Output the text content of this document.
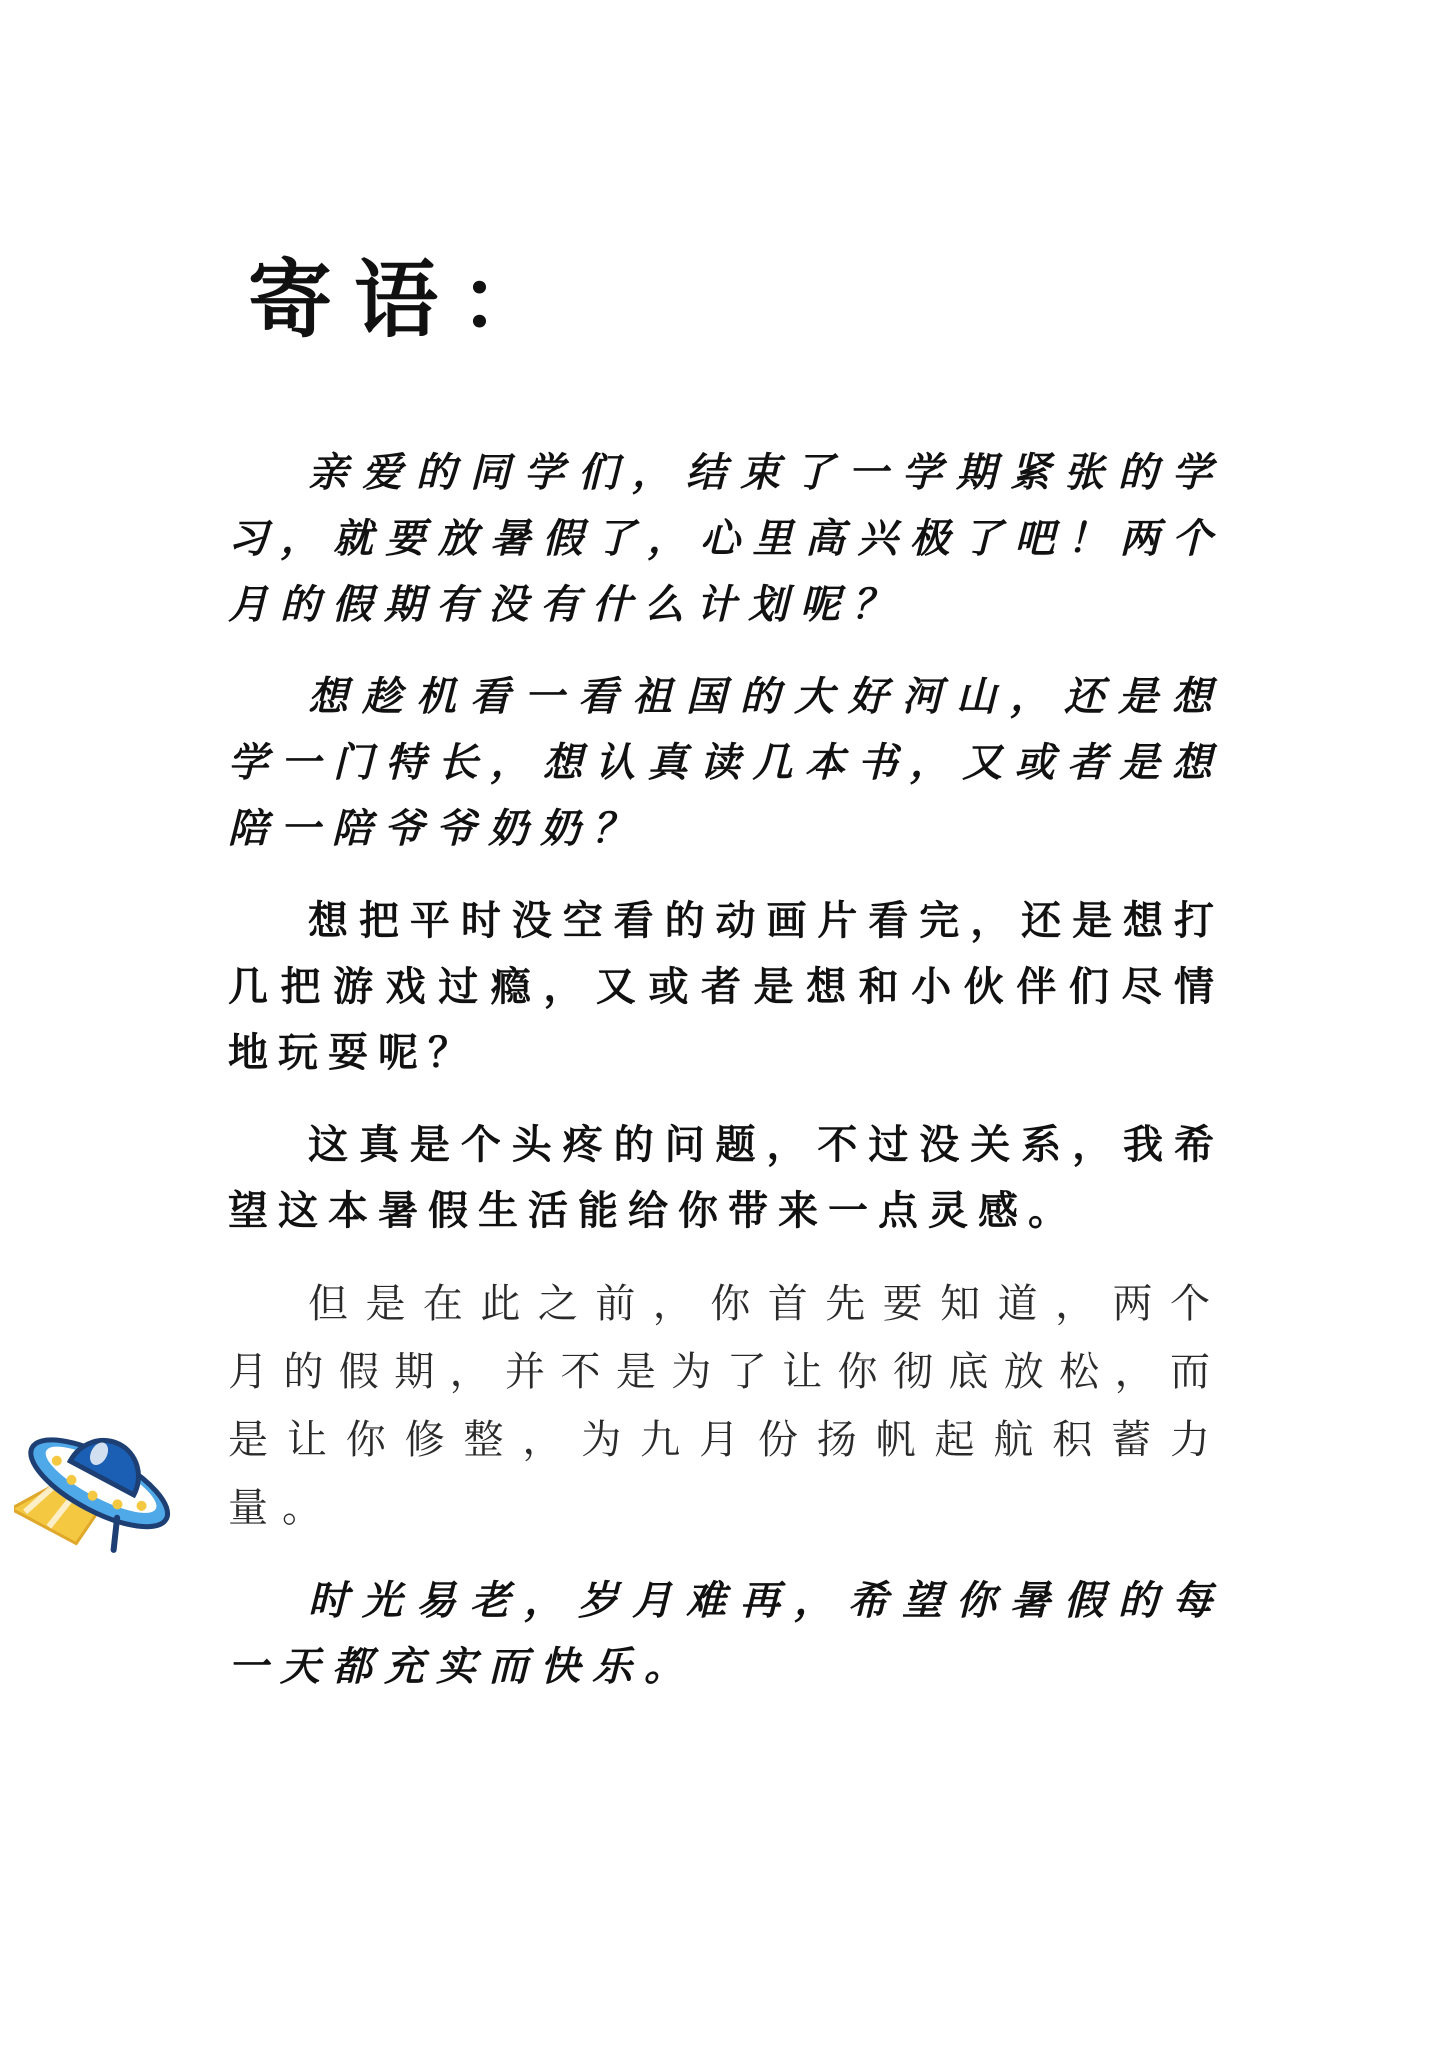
寄语：

亲爱的同学们，结束了一学期紧张的学习，就要放暑假了，心里高兴极了吧！两个月的假期有没有什么计划呢？

想趁机看一看祖国的大好河山，还是想学一门特长，想认真读几本书，又或者是想陪一陪爷爷奶奶？

想把平时没空看的动画片看完，还是想打几把游戏过瘾，又或者是想和小伙伴们尽情地玩耍呢？

这真是个头疼的问题，不过没关系，我希望这本暑假生活能给你带来一点灵感。

但是在此之前，你首先要知道，两个月的假期，并不是为了让你彻底放松，而是让你修整，为九月份扬帆起航积蓄力量。

时光易老，岁月难再，希望你暑假的每一天都充实而快乐。
